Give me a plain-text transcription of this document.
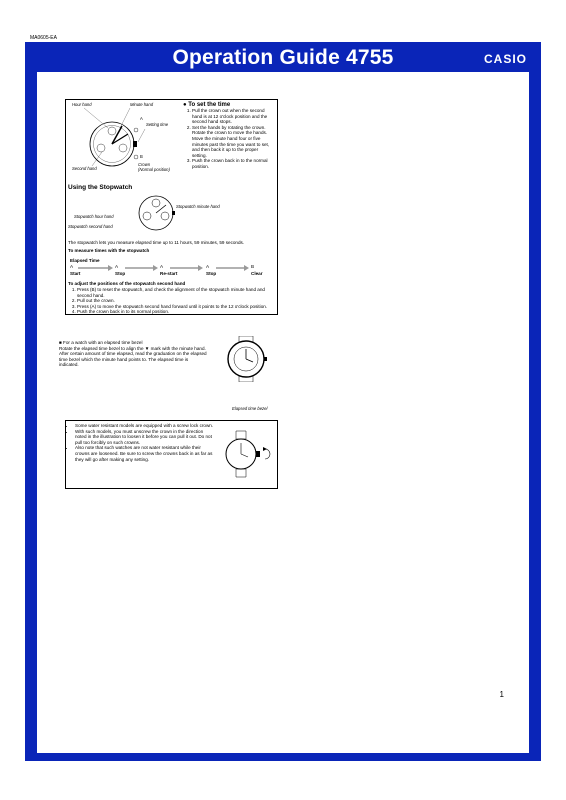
MA0605-EA
Operation Guide 4755	CASIO
Hour hand	Minute hand
A
Setting time
B
Second hand
Crown
(Normal position)
● To set the time
1. Pull the crown out when the second hand is at 12 o'clock position and the second hand stops.
2. Set the hands by rotating the crown. Rotate the crown to move the hands. Move the minute hand four or five minutes past the time you want to set, and then back it up to the proper setting.
3. Push the crown back in to the normal position.
Using the Stopwatch
Stopwatch minute hand
Stopwatch hour hand
Stopwatch second hand
The stopwatch lets you measure elapsed time up to 11 hours, 59 minutes, 59 seconds.
To measure times with the stopwatch
Elapsed Time
A	A	A	A	B
Start	Stop	Re-start	Stop	Clear
To adjust the positions of the stopwatch second hand
1. Press (B) to reset the stopwatch, and check the alignment of the stopwatch minute hand and second hand.
2. Pull out the crown.
3. Press (A) to move the stopwatch second hand forward until it points to the 12 o'clock position.
4. Push the crown back in to its normal position.
■ For a watch with an elapsed time bezel
Rotate the elapsed time bezel to align the ▼ mark with the minute hand. After certain amount of time elapsed, read the graduation on the elapsed time bezel which the minute hand points to. The elapsed time is indicated.
Elapsed time bezel
• Some water resistant models are equipped with a screw lock crown.
• With such models, you must unscrew the crown in the direction noted in the illustration to loosen it before you can pull it out. Do not pull too forcibly on such crowns.
• Also note that such watches are not water resistant while their crowns are loosened. Be sure to screw the crowns back in as far as they will go after making any setting.
1
